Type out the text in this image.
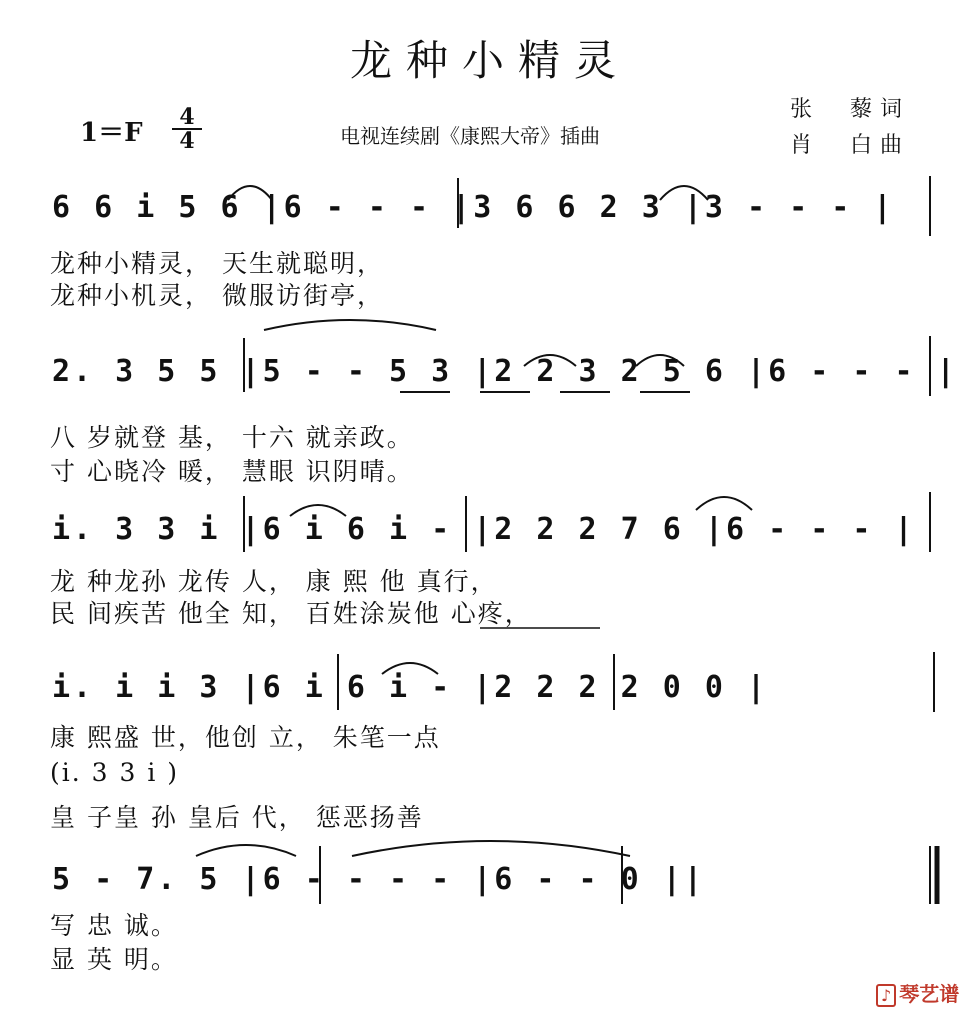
龙种小精灵
1＝F
4
4	电视连续剧《康熙大帝》插曲
张　藜词
肖　白曲
6 6 i 5 6 |6 - - - |3 6 6 2 3 |3 - - - |
龙种小精灵， 天生就聪明，
龙种小机灵， 微服访街亭，
2. 3 5 5 |5 - - 5 3 |2 2 3 2 5 6 |6 - - - |
八 岁就登 基， 十六 就亲政。
寸 心晓冷 暖， 慧眼 识阴晴。
i. 3 3 i |6 i 6 i - |2 2 2 7 6 |6 - - - |
龙 种龙孙 龙传 人， 康 熙 他 真行，
民 间疾苦 他全 知， 百姓涂炭他 心疼，
i. i i 3 |6 i 6 i - |2 2 2 2 0 0 |
康 熙盛 世，他创 立， 朱笔一点
(i. 3 3 i )
皇 子皇 孙 皇后 代， 惩恶扬善
5 - 7. 5 |6 - - - - |6 - - 0 ||
写 忠 诚。
显 英 明。
♪ 琴艺谱
